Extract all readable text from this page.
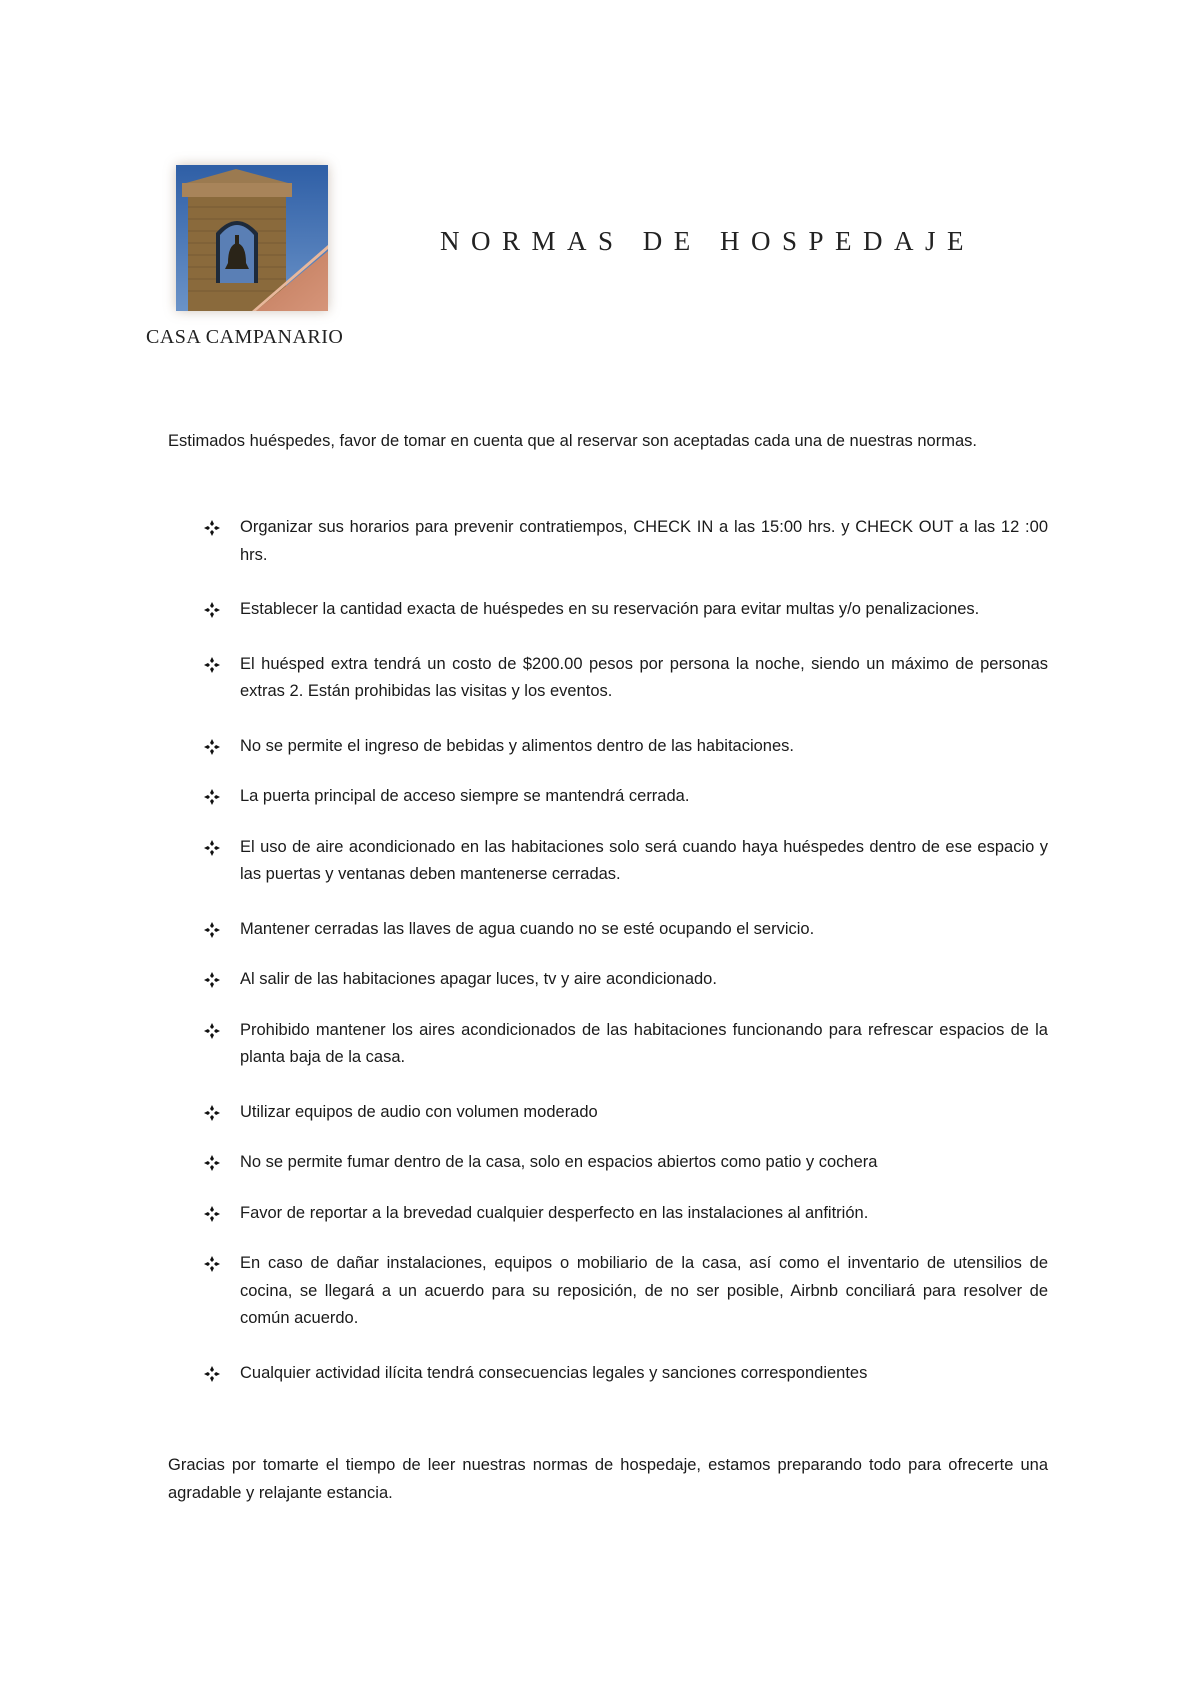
NORMAS DE HOSPEDAJE
CASA CAMPANARIO

Estimados huéspedes, favor de tomar en cuenta que al reservar son aceptadas cada una de nuestras normas.

Organizar sus horarios para prevenir contratiempos, CHECK IN a las 15:00 hrs. y CHECK OUT a las 12 :00 hrs.
Establecer la cantidad exacta de huéspedes en su reservación para evitar multas y/o penalizaciones.
El huésped extra tendrá un costo de $200.00 pesos por persona la noche, siendo un máximo de personas extras 2. Están prohibidas las visitas y los eventos.
No se permite el ingreso de bebidas y alimentos dentro de las habitaciones.
La puerta principal de acceso siempre se mantendrá cerrada.
El uso de aire acondicionado en las habitaciones solo será cuando haya huéspedes dentro de ese espacio y las puertas y ventanas deben mantenerse cerradas.
Mantener cerradas las llaves de agua cuando no se esté ocupando el servicio.
Al salir de las habitaciones apagar luces, tv y aire acondicionado.
Prohibido mantener los aires acondicionados de las habitaciones funcionando para refrescar espacios de la planta baja de la casa.
Utilizar equipos de audio con volumen moderado
No se permite fumar dentro de la casa, solo en espacios abiertos como patio y cochera
Favor de reportar a la brevedad cualquier desperfecto en las instalaciones al anfitrión.
En caso de dañar instalaciones, equipos o mobiliario de la casa, así como el inventario de utensilios de cocina, se llegará a un acuerdo para su reposición, de no ser posible, Airbnb conciliará para resolver de común acuerdo.
Cualquier actividad ilícita tendrá consecuencias legales y sanciones correspondientes

Gracias por tomarte el tiempo de leer nuestras normas de hospedaje, estamos preparando todo para ofrecerte una agradable y relajante estancia.
